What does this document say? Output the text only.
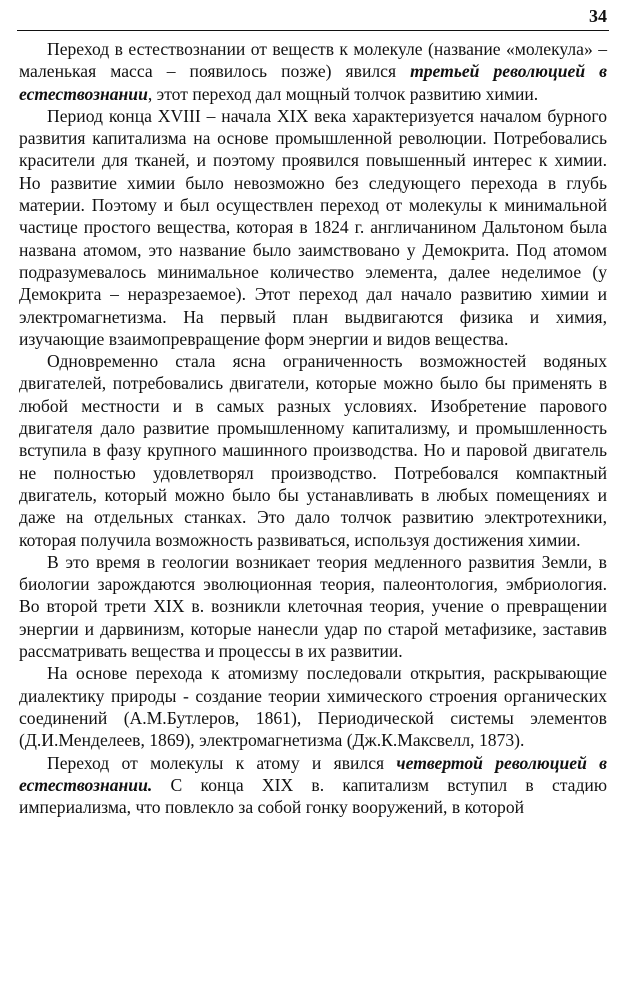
34

Переход в естествознании от веществ к молекуле (название «молекула» – маленькая масса – появилось позже) явился третьей революцией в естествознании, этот переход дал мощный толчок развитию химии.

Период конца XVIII – начала XIX века характеризуется началом бурного развития капитализма на основе промышленной революции. Потребовались красители для тканей, и поэтому проявился повышенный интерес к химии. Но развитие химии было невозможно без следующего перехода в глубь материи. Поэтому и был осуществлен переход от молекулы к минимальной частице простого вещества, которая в 1824 г. англичанином Дальтоном была названа атомом, это название было заимствовано у Демокрита. Под атомом подразумевалось минимальное количество элемента, далее неделимое (у Демокрита – неразрезаемое). Этот переход дал начало развитию химии и электромагнетизма. На первый план выдвигаются физика и химия, изучающие взаимопревращение форм энергии и видов вещества.

Одновременно стала ясна ограниченность возможностей водяных двигателей, потребовались двигатели, которые можно было бы применять в любой местности и в самых разных условиях. Изобретение парового двигателя дало развитие промышленному капитализму, и промышленность вступила в фазу крупного машинного производства. Но и паровой двигатель не полностью удовлетворял производство. Потребовался компактный двигатель, который можно было бы устанавливать в любых помещениях и даже на отдельных станках. Это дало толчок развитию электротехники, которая получила возможность развиваться, используя достижения химии.

В это время в геологии возникает теория медленного развития Земли, в биологии зарождаются эволюционная теория, палеонтология, эмбриология. Во второй трети XIX в. возникли клеточная теория, учение о превращении энергии и дарвинизм, которые нанесли удар по старой метафизике, заставив рассматривать вещества и процессы в их развитии.

На основе перехода к атомизму последовали открытия, раскрывающие диалектику природы - создание теории химического строения органических соединений (А.М.Бутлеров, 1861), Периодической системы элементов (Д.И.Менделеев, 1869), электромагнетизма (Дж.К.Максвелл, 1873).

Переход от молекулы к атому и явился четвертой революцией в естествознании. С конца XIX в. капитализм вступил в стадию империализма, что повлекло за собой гонку вооружений, в которой
